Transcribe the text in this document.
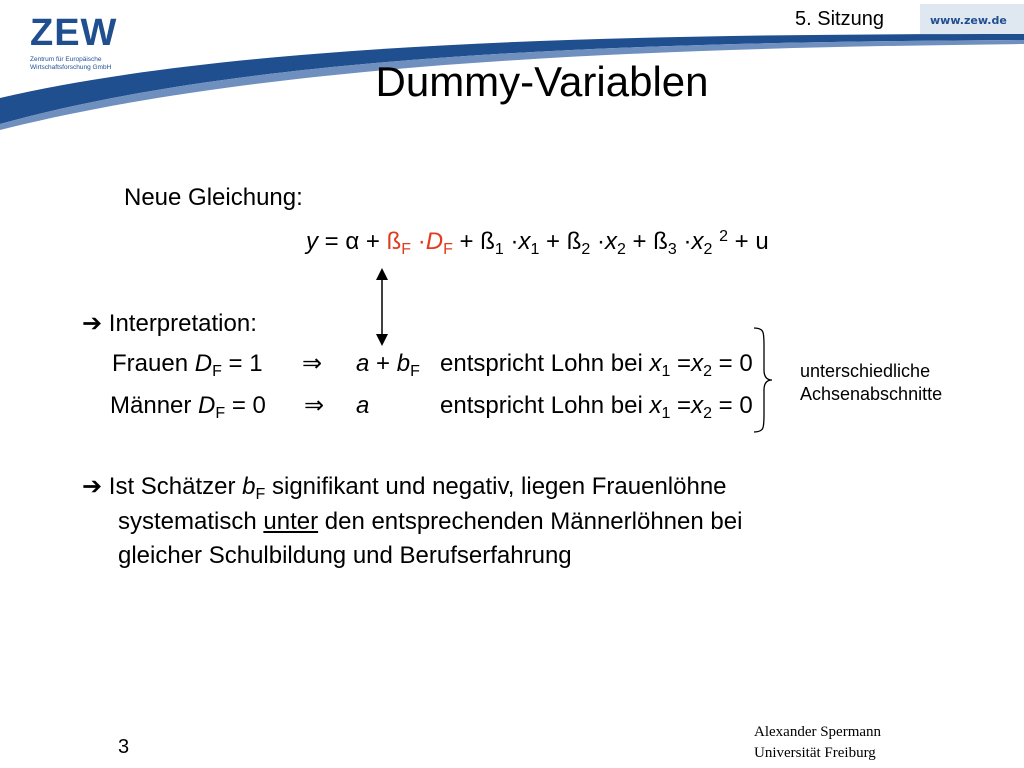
ZEW
Zentrum für Europäische
Wirtschaftsforschung GmbH
5. Sitzung	www.zew.de
Dummy-Variablen
Neue Gleichung:
$y = \alpha + ß_F \cdot D_F$ + $ß_1 \cdot x_1$ + $ß_2 \cdot x_2$ + $ß_3 \cdot x_2$ $^2$ + u
➔ Interpretation:
Frauen $D_F = 1$ ⇒ $a + b_F$ entspricht Lohn bei $x_1 =x_2 = 0$
Männer $D_F = 0$ ⇒ a	entspricht Lohn bei $x_1 =x_2 = 0$
unterschiedliche
Achsenabschnitte
➔ Ist Schätzer $b_F$ signifikant und negativ, liegen Frauenlöhne
systematisch unter den entsprechenden Männerlöhnen bei
gleicher Schulbildung und Berufserfahrung
3
Alexander Spermann
Universität Freiburg
